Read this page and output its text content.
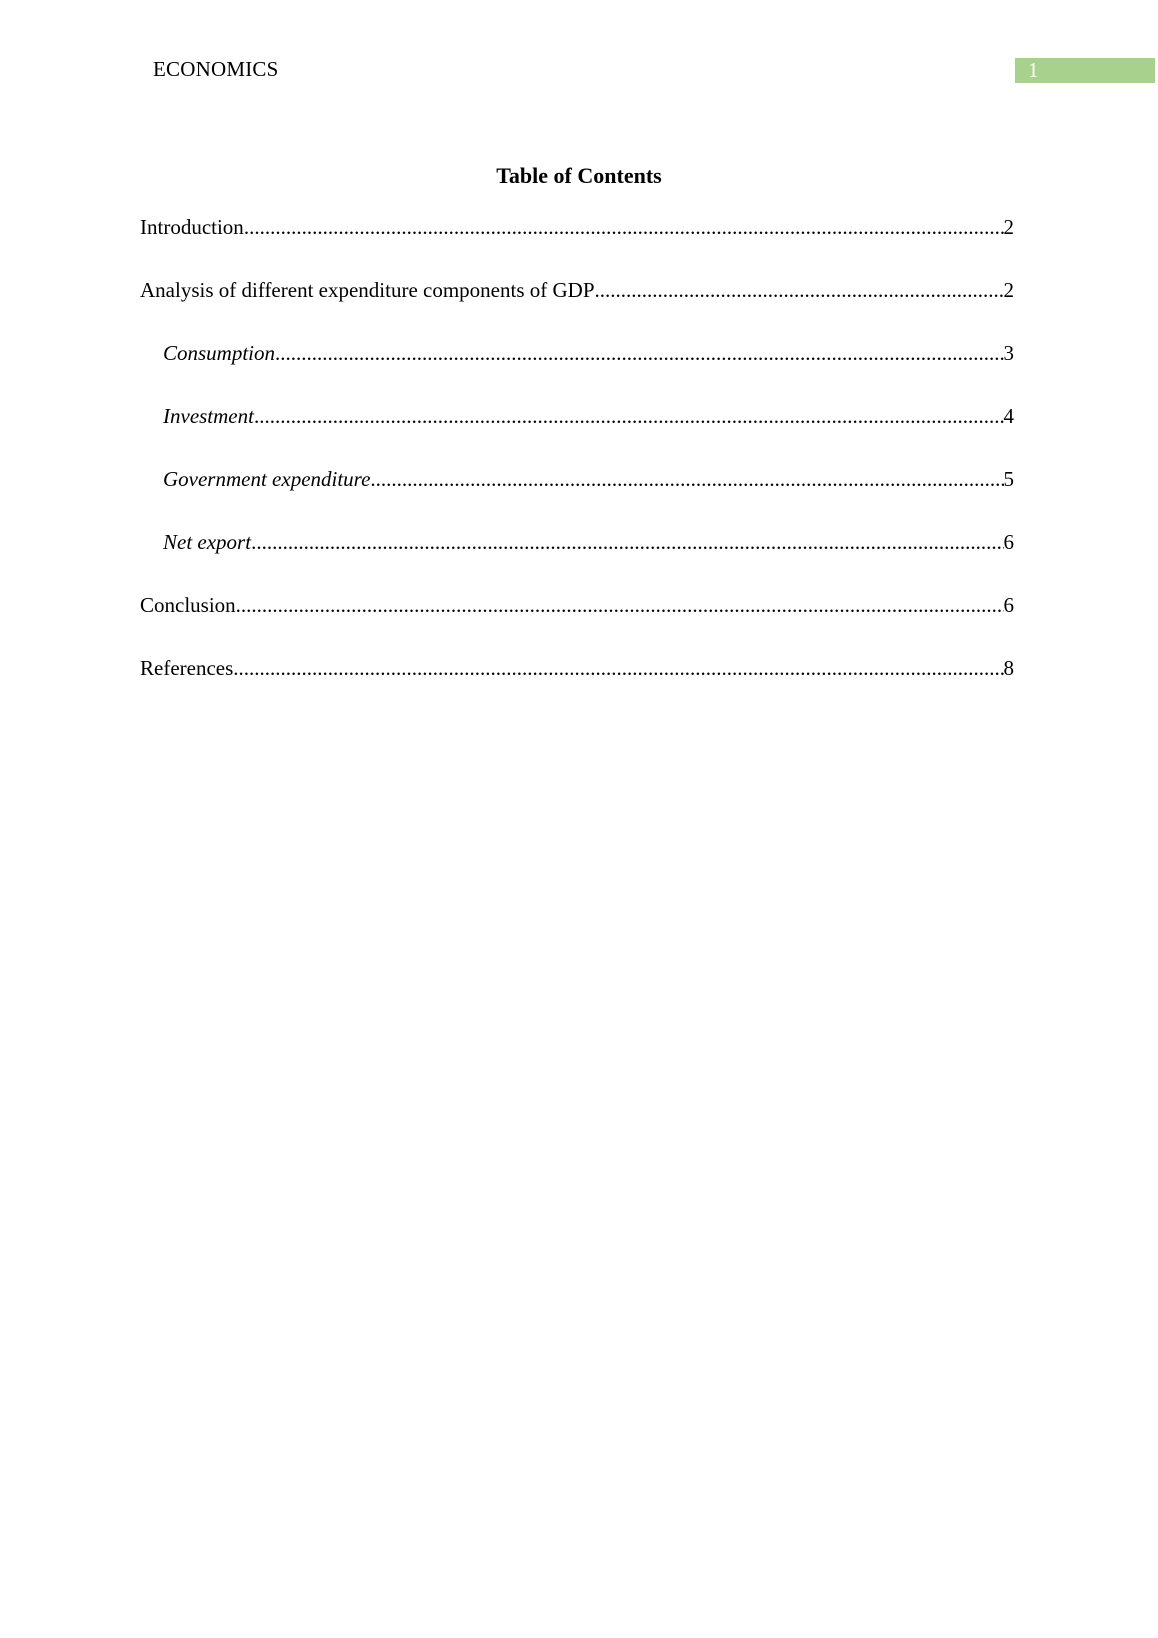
ECONOMICS	1
Table of Contents
Introduction .....	2
Analysis of different expenditure components of GDP .....	2
Consumption .....	3
Investment .....	4
Government expenditure .....	5
Net export .....	6
Conclusion .....	6
References .....	8
